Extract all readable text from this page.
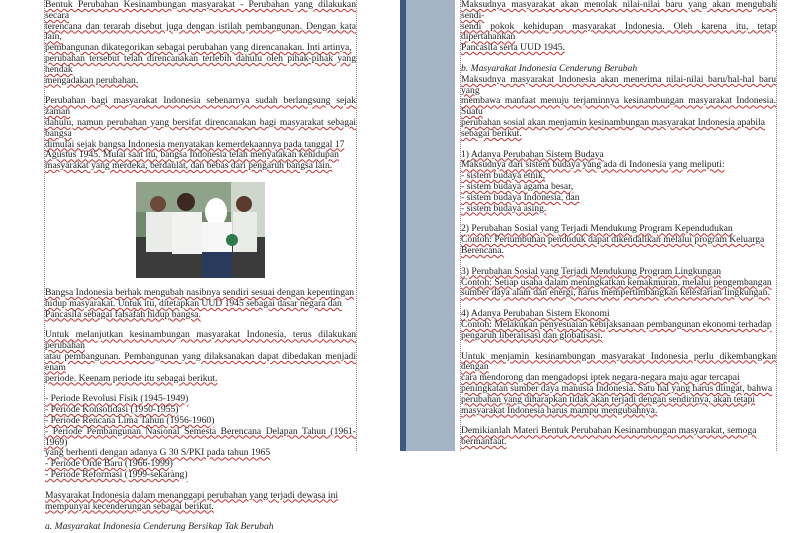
Bentuk Perubahan Kesinambungan masyarakat - Perubahan yang dilakukan secara
terencana dan terarah disebut juga dengan istilah pembangunan. Dengan kata lain,
pembangunan dikategorikan sebagai perubahan yang direncanakan. Inti artinya,
perubahan tersebut telah direncanakan terlebih dahulu oleh pihak-pihak yang hendak
mengadakan perubahan.

Perubahan bagi masyarakat Indonesia sebenarnya sudah berlangsung sejak zaman
dahulu, namun perubahan yang bersifat direncanakan bagi masyarakat sebagai bangsa
dimulai sejak bangsa Indonesia menyatakan kemerdekaannya pada tanggal 17
Agustus 1945. Mulai saat itu, bangsa Indonesia telah menyatakan kehidupan
masyarakat yang merdeka, berdaulat, dan bebas dari pengaruh bangsa lain.

Bangsa Indonesia berhak mengubah nasibnya sendiri sesuai dengan kepentingan
hidup masyarakat. Untuk itu, ditetapkan UUD 1945 sebagai dasar negara dan
Pancasila sebagai falsafah hidup bangsa.

Untuk melanjutkan kesinambungan masyarakat Indonesia, terus dilakukan perubahan
atau pembangunan. Pembangunan yang dilaksanakan dapat dibedakan menjadi enam
periode. Keenam periode itu sebagai berikut.

- Periode Revolusi Fisik (1945-1949)
- Periode Konsolidasi (1950-1955)
- Periode Rencana Lima Tahun (1956-1960)
- Periode Pembangunan Nasional Semesta Berencana Delapan Tahun (1961-1969)
yang berhenti dengan adanya G 30 S/PKI pada tahun 1965
- Periode Orde Baru (1966-1999)
- Periode Reformasi (1999-sekarang)

Masyarakat Indonesia dalam menanggapi perubahan yang terjadi dewasa ini
mempunyai kecenderungan sebagai berikut.

a. Masyarakat Indonesia Cenderung Bersikap Tak Berubah

Maksudnya masyarakat akan menolak nilai-nilai baru yang akan mengubah sendi-
sendi pokok kehidupan masyarakat Indonesia. Oleh karena itu, tetap dipertahankan
Pancasila serta UUD 1945.

b. Masyarakat Indonesia Cenderung Berubah

Maksudnya masyarakat Indonesia akan menerima nilai-nilai baru/hal-hal baru yang
membawa manfaat menuju terjaminnya kesinambungan masyarakat Indonesia. Suatu
perubahan sosial akan menjamin kesinambungan masyarakat Indonesia apabila
sebagai berikut.

1) Adanya Perubahan Sistem Budaya
Maksudnya dari sistem budaya yang ada di Indonesia yang meliputi:
- sistem budaya etnik,
- sistem budaya agama besar,
- sistem budaya Indonesia, dan
- sistem budaya asing.

2) Perubahan Sosial yang Terjadi Mendukung Program Kependudukan
Contoh: Pertumbuhan penduduk dapat dikendalikan melalui program Keluarga
Berencana.

3) Perubahan Sosial yang Terjadi Mendukung Program Lingkungan
Contoh: Setiap usaha dalam meningkatkan kemakmuran, melalui pengembangan
sumber daya alam dan energi, harus mempertimbangkan kelestarian lingkungan.

4) Adanya Perubahan Sistem Ekonomi
Contoh: Melakukan penyesuaian kebijaksanaan pembangunan ekonomi terhadap
pengaruh liberalisasi dan globalisasi.

Untuk menjamin kesinambungan masyarakat Indonesia perlu dikembangkan dengan
cara mendorong dan mengadopsi iptek negara-negara maju agar tercapai
peningkatan sumber daya manusia Indonesia. Satu hal yang harus diingat, bahwa
perubahan yang diharapkan tidak akan terjadi dengan sendirinya, akan tetapi
masyarakat Indonesia harus mampu mengubahnya.

Demikianlah Materi Bentuk Perubahan Kesinambungan masyarakat, semoga
bermanfaat.
